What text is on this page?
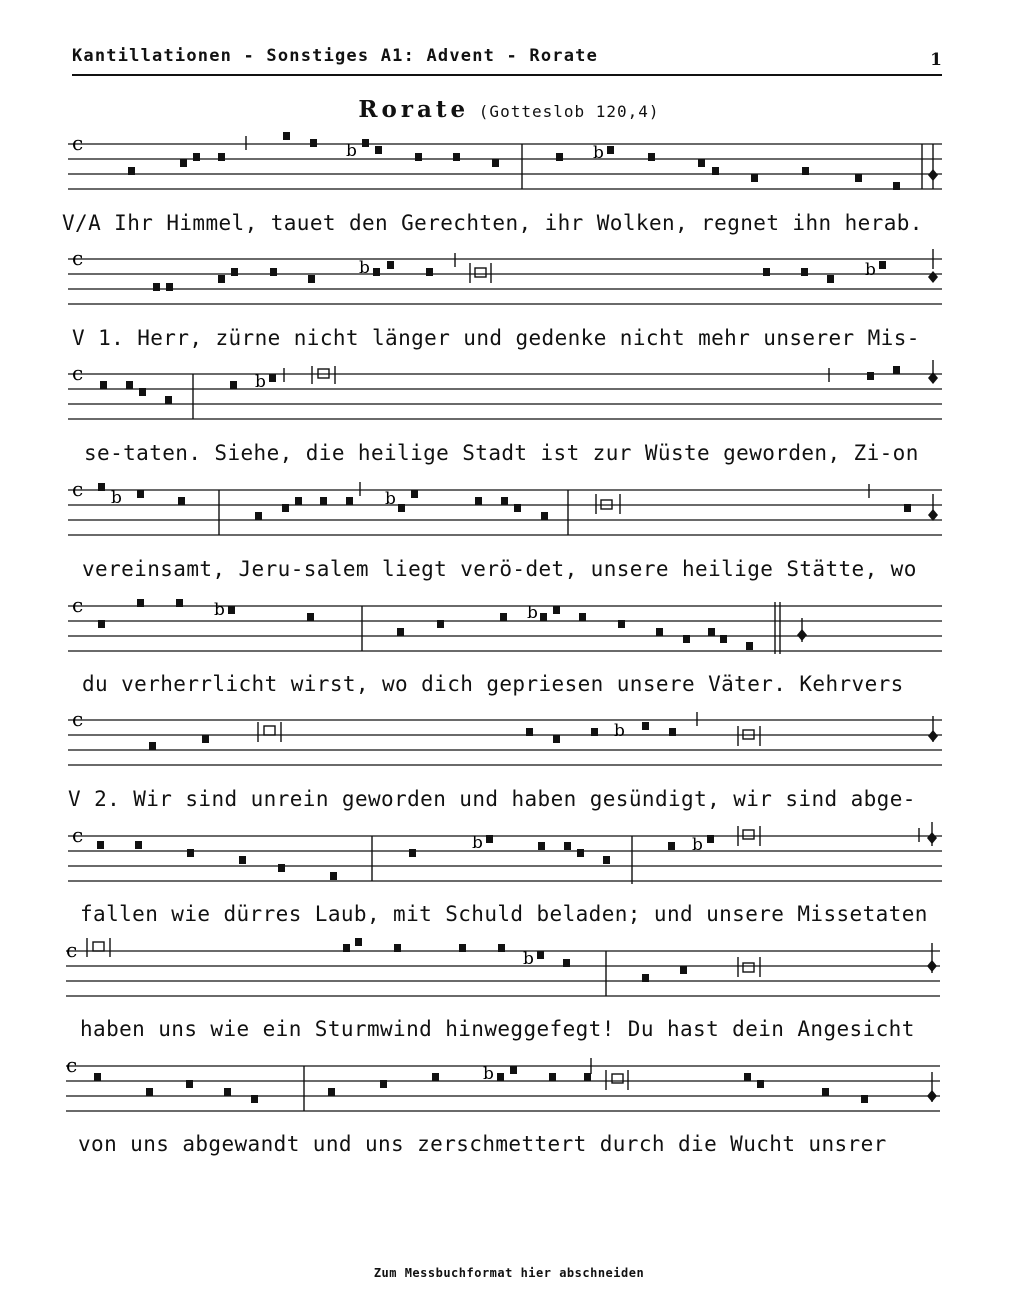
Kantillationen - Sonstiges A1: Advent - Rorate	1
Rorate (Gotteslob 120,4)
c	b	b
V/A Ihr Himmel, tauet den Gerechten, ihr Wolken, regnet ihn herab.
c	b	b
V 1. Herr, zürne nicht länger und gedenke nicht mehr unserer Mis-
c	b
se-taten. Siehe, die heilige Stadt ist zur Wüste geworden, Zi-on
c b	b
vereinsamt, Jeru-salem liegt verö-det, unsere heilige Stätte, wo
c	b	b
du verherrlicht wirst, wo dich gepriesen unsere Väter. Kehrvers
c	b
V 2. Wir sind unrein geworden und haben gesündigt, wir sind abge-
c	b	b
fallen wie dürres Laub, mit Schuld beladen; und unsere Missetaten
c	b
haben uns wie ein Sturmwind hinweggefegt! Du hast dein Angesicht
c	b
von uns abgewandt und uns zerschmettert durch die Wucht unsrer
Zum Messbuchformat hier abschneiden
